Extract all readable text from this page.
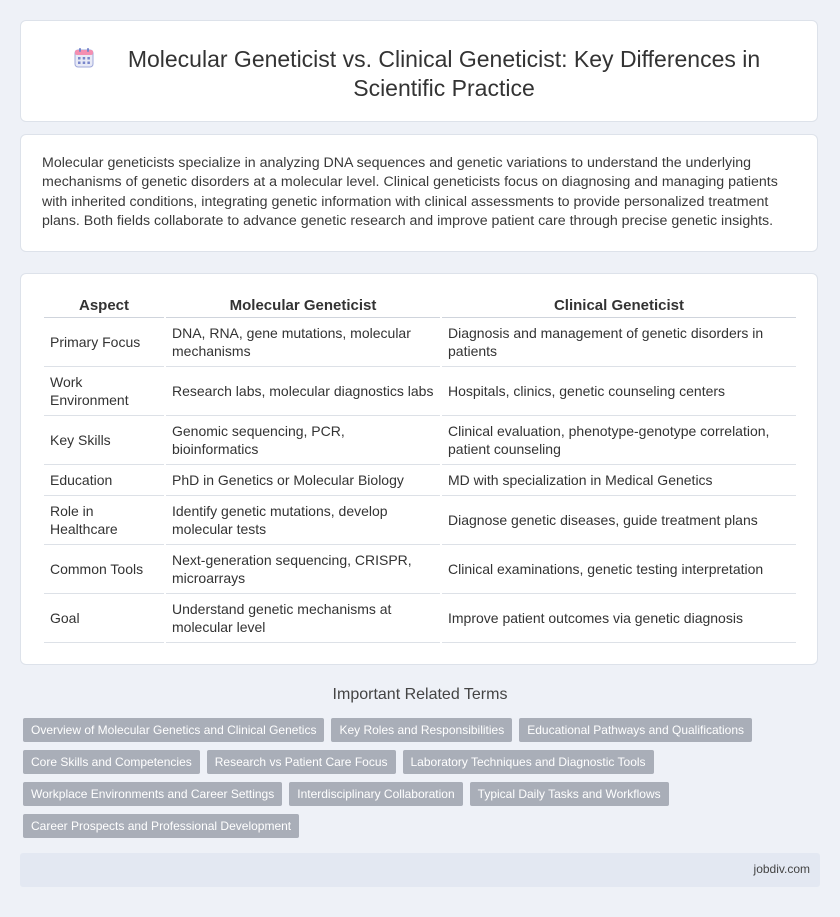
Molecular Geneticist vs. Clinical Geneticist: Key Differences in Scientific Practice

Molecular geneticists specialize in analyzing DNA sequences and genetic variations to understand the underlying mechanisms of genetic disorders at a molecular level. Clinical geneticists focus on diagnosing and managing patients with inherited conditions, integrating genetic information with clinical assessments to provide personalized treatment plans. Both fields collaborate to advance genetic research and improve patient care through precise genetic insights.

Aspect	Molecular Geneticist	Clinical Geneticist
Primary Focus	DNA, RNA, gene mutations, molecular mechanisms	Diagnosis and management of genetic disorders in patients
Work Environment	Research labs, molecular diagnostics labs	Hospitals, clinics, genetic counseling centers
Key Skills	Genomic sequencing, PCR, bioinformatics	Clinical evaluation, phenotype-genotype correlation, patient counseling
Education	PhD in Genetics or Molecular Biology	MD with specialization in Medical Genetics
Role in Healthcare	Identify genetic mutations, develop molecular tests	Diagnose genetic diseases, guide treatment plans
Common Tools	Next-generation sequencing, CRISPR, microarrays	Clinical examinations, genetic testing interpretation
Goal	Understand genetic mechanisms at molecular level	Improve patient outcomes via genetic diagnosis
Important Related Terms
Overview of Molecular Genetics and Clinical Genetics	Key Roles and Responsibilities	Educational Pathways and Qualifications
Core Skills and Competencies	Research vs Patient Care Focus	Laboratory Techniques and Diagnostic Tools
Workplace Environments and Career Settings	Interdisciplinary Collaboration	Typical Daily Tasks and Workflows
Career Prospects and Professional Development
jobdiv.com
